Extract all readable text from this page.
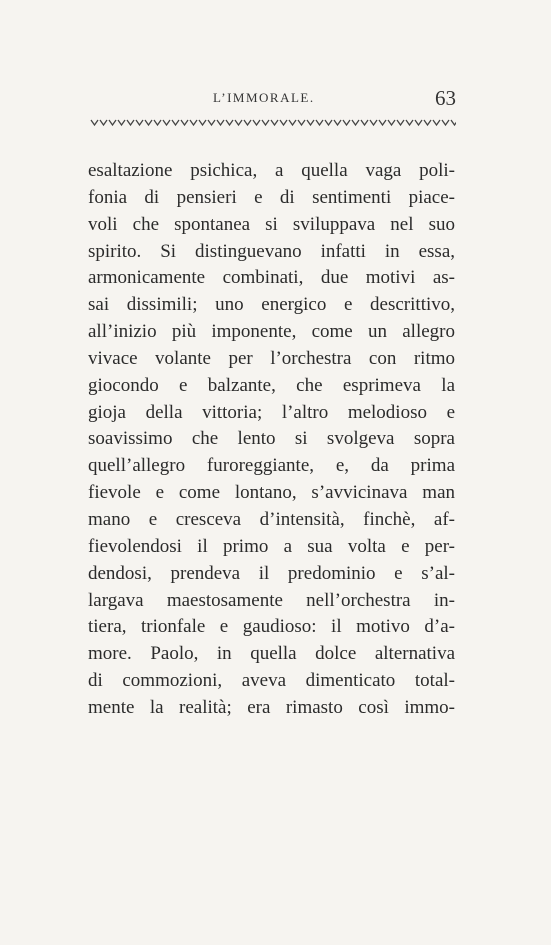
L’IMMORALE.	63
esaltazione psichica, a quella vaga poli-
fonia di pensieri e di sentimenti piace-
voli che spontanea si sviluppava nel suo
spirito. Si distinguevano infatti in essa,
armonicamente combinati, due motivi as-
sai dissimili; uno energico e descrittivo,
all’inizio più imponente, come un allegro
vivace volante per l’orchestra con ritmo
giocondo e balzante, che esprimeva la
gioja della vittoria; l’altro melodioso e
soavissimo che lento si svolgeva sopra
quell’allegro furoreggiante, e, da prima
fievole e come lontano, s’avvicinava man
mano e cresceva d’intensità, finchè, af-
fievolendosi il primo a sua volta e per-
dendosi, prendeva il predominio e s’al-
largava maestosamente nell’orchestra in-
tiera, trionfale e gaudioso: il motivo d’a-
more. Paolo, in quella dolce alternativa
di commozioni, aveva dimenticato total-
mente la realità; era rimasto così immo-
